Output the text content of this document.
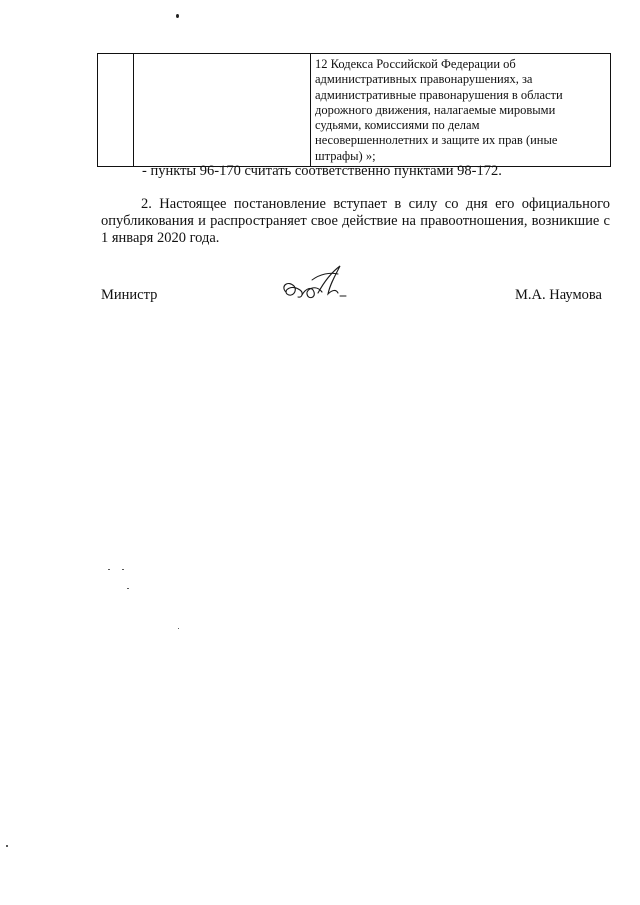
12 Кодекса Российской Федерации об
административных правонарушениях, за
административные правонарушения в области
дорожного движения, налагаемые мировыми
судьями, комиссиями по делам
несовершеннолетних и защите их прав (иные
штрафы) »;

- пункты 96-170 считать соответственно пунктами 98-172.

2. Настоящее постановление вступает в силу со дня его официального опубликования и распространяет свое действие на правоотношения, возникшие с 1 января 2020 года.

Министр	М.А. Наумова
